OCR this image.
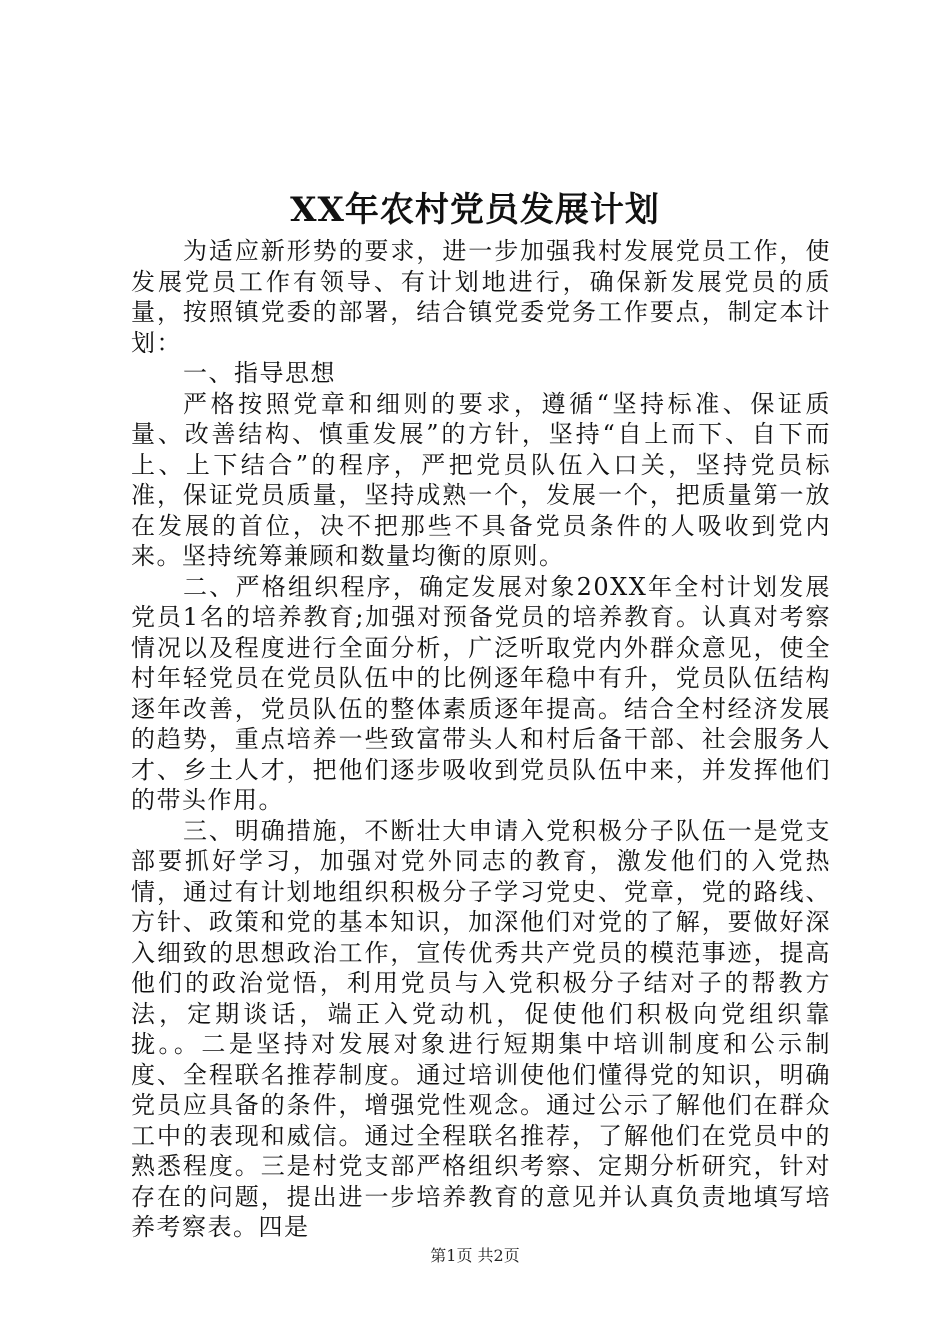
XX年农村党员发展计划

为适应新形势的要求，进一步加强我村发展党员工作，使发展党员工作有领导、有计划地进行，确保新发展党员的质量，按照镇党委的部署，结合镇党委党务工作要点，制定本计划：

一、指导思想

严格按照党章和细则的要求，遵循“坚持标准、保证质量、改善结构、慎重发展”的方针，坚持“自上而下、自下而上、上下结合”的程序，严把党员队伍入口关，坚持党员标准，保证党员质量，坚持成熟一个，发展一个，把质量第一放在发展的首位，决不把那些不具备党员条件的人吸收到党内来。坚持统筹兼顾和数量均衡的原则。

二、严格组织程序，确定发展对象20XX年全村计划发展党员1名的培养教育;加强对预备党员的培养教育。认真对考察情况以及程度进行全面分析，广泛听取党内外群众意见，使全村年轻党员在党员队伍中的比例逐年稳中有升，党员队伍结构逐年改善，党员队伍的整体素质逐年提高。结合全村经济发展的趋势，重点培养一些致富带头人和村后备干部、社会服务人才、乡土人才，把他们逐步吸收到党员队伍中来，并发挥他们的带头作用。

三、明确措施，不断壮大申请入党积极分子队伍一是党支部要抓好学习，加强对党外同志的教育，激发他们的入党热情，通过有计划地组织积极分子学习党史、党章，党的路线、方针、政策和党的基本知识，加深他们对党的了解，要做好深入细致的思想政治工作，宣传优秀共产党员的模范事迹，提高他们的政治觉悟，利用党员与入党积极分子结对子的帮教方法，定期谈话，端正入党动机，促使他们积极向党组织靠拢。。二是坚持对发展对象进行短期集中培训制度和公示制度、全程联名推荐制度。通过培训使他们懂得党的知识，明确党员应具备的条件，增强党性观念。通过公示了解他们在群众工中的表现和威信。通过全程联名推荐，了解他们在党员中的熟悉程度。三是村党支部严格组织考察、定期分析研究，针对存在的问题，提出进一步培养教育的意见并认真负责地填写培养考察表。四是

第1页 共2页
